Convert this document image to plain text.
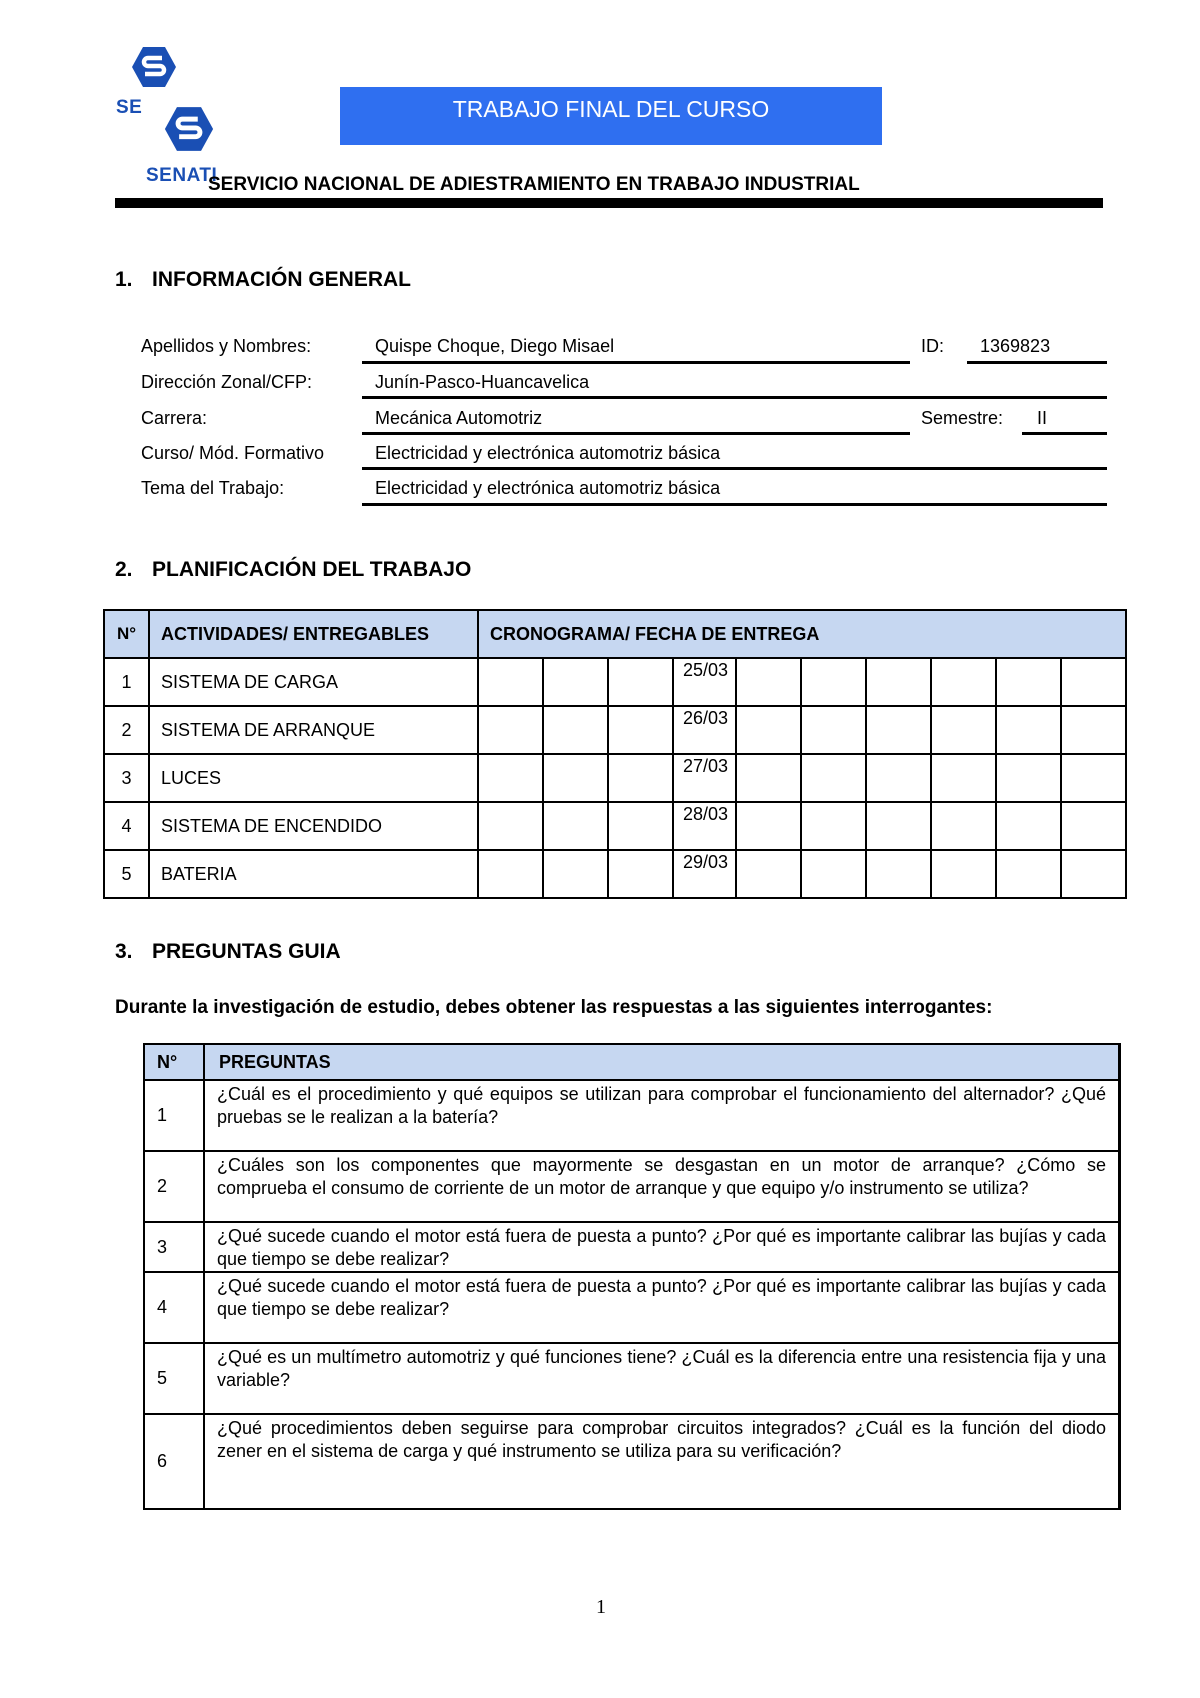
SE
SENATI
TRABAJO FINAL DEL CURSO
SERVICIO NACIONAL DE ADIESTRAMIENTO EN TRABAJO INDUSTRIAL
1. INFORMACIÓN GENERAL
Apellidos y Nombres:	Quispe Choque, Diego Misael	ID: 1369823
Dirección Zonal/CFP:	Junín-Pasco-Huancavelica
Carrera:	Mecánica Automotriz	Semestre: II
Curso/ Mód. Formativo	Electricidad y electrónica automotriz básica
Tema del Trabajo:	Electricidad y electrónica automotriz básica
2. PLANIFICACIÓN DEL TRABAJO
N°	ACTIVIDADES/ ENTREGABLES	CRONOGRAMA/ FECHA DE ENTREGA									
1	SISTEMA DE CARGA				25/03						
2	SISTEMA DE ARRANQUE				26/03						
3	LUCES				27/03						
4	SISTEMA DE ENCENDIDO				28/03						
5	BATERIA				29/03						
3. PREGUNTAS GUIA
Durante la investigación de estudio, debes obtener las respuestas a las siguientes interrogantes:
N°	PREGUNTAS
1	¿Cuál es el procedimiento y qué equipos se utilizan para comprobar el funcionamiento del alternador? ¿Qué pruebas se le realizan a la batería?
2	¿Cuáles son los componentes que mayormente se desgastan en un motor de arranque? ¿Cómo se comprueba el consumo de corriente de un motor de arranque y que equipo y/o instrumento se utiliza?
3	¿Qué sucede cuando el motor está fuera de puesta a punto? ¿Por qué es importante calibrar las bujías y cada que tiempo se debe realizar?
4	¿Qué sucede cuando el motor está fuera de puesta a punto? ¿Por qué es importante calibrar las bujías y cada que tiempo se debe realizar?
5	¿Qué es un multímetro automotriz y qué funciones tiene? ¿Cuál es la diferencia entre una resistencia fija y una variable?
6	¿Qué procedimientos deben seguirse para comprobar circuitos integrados? ¿Cuál es la función del diodo zener en el sistema de carga y qué instrumento se utiliza para su verificación?
1
